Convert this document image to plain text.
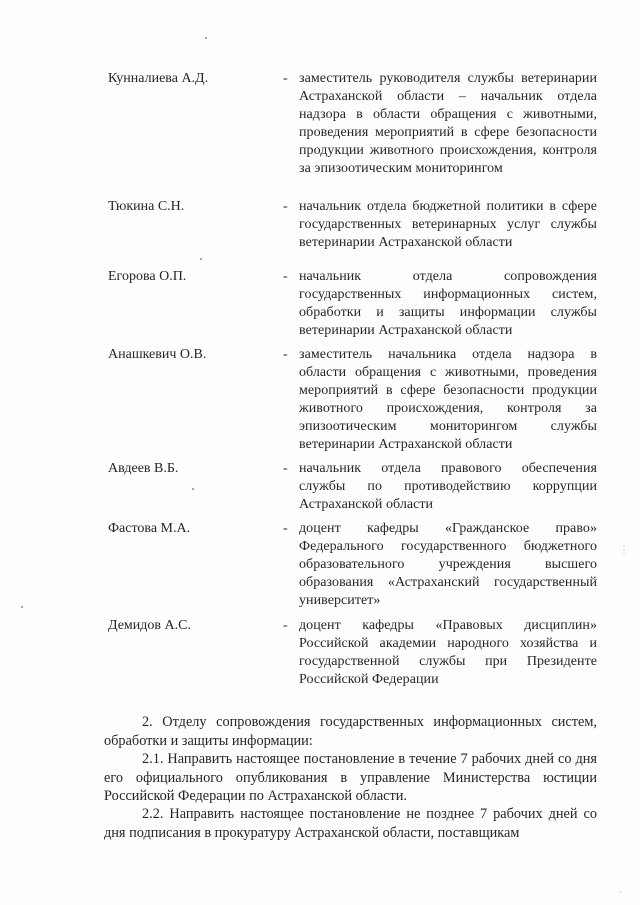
Кунналиева А.Д.	- заместитель руководителя службы ветеринарии Астраханской области – начальник отдела надзора в области обращения с животными, проведения мероприятий в сфере безопасности продукции животного происхождения, контроля за эпизоотическим мониторингом
Тюкина С.Н.	- начальник отдела бюджетной политики в сфере государственных ветеринарных услуг службы ветеринарии Астраханской области
Егорова О.П.	- начальник отдела сопровождения государственных информационных систем, обработки и защиты информации службы ветеринарии Астраханской области
Анашкевич О.В.	- заместитель начальника отдела надзора в области обращения с животными, проведения мероприятий в сфере безопасности продукции животного происхождения, контроля за эпизоотическим мониторингом службы ветеринарии Астраханской области
Авдеев В.Б.	- начальник отдела правового обеспечения службы по противодействию коррупции Астраханской области
Фастова М.А.	- доцент кафедры «Гражданское право» Федерального государственного бюджетного образовательного учреждения высшего образования «Астраханский государственный университет»
Демидов А.С.	- доцент кафедры «Правовых дисциплин» Российской академии народного хозяйства и государственной службы при Президенте Российской Федерации
2. Отделу сопровождения государственных информационных систем, обработки и защиты информации:
2.1. Направить настоящее постановление в течение 7 рабочих дней со дня его официального опубликования в управление Министерства юстиции Российской Федерации по Астраханской области.
2.2. Направить настоящее постановление не позднее 7 рабочих дней со дня подписания в прокуратуру Астраханской области, поставщикам
⋮
·
